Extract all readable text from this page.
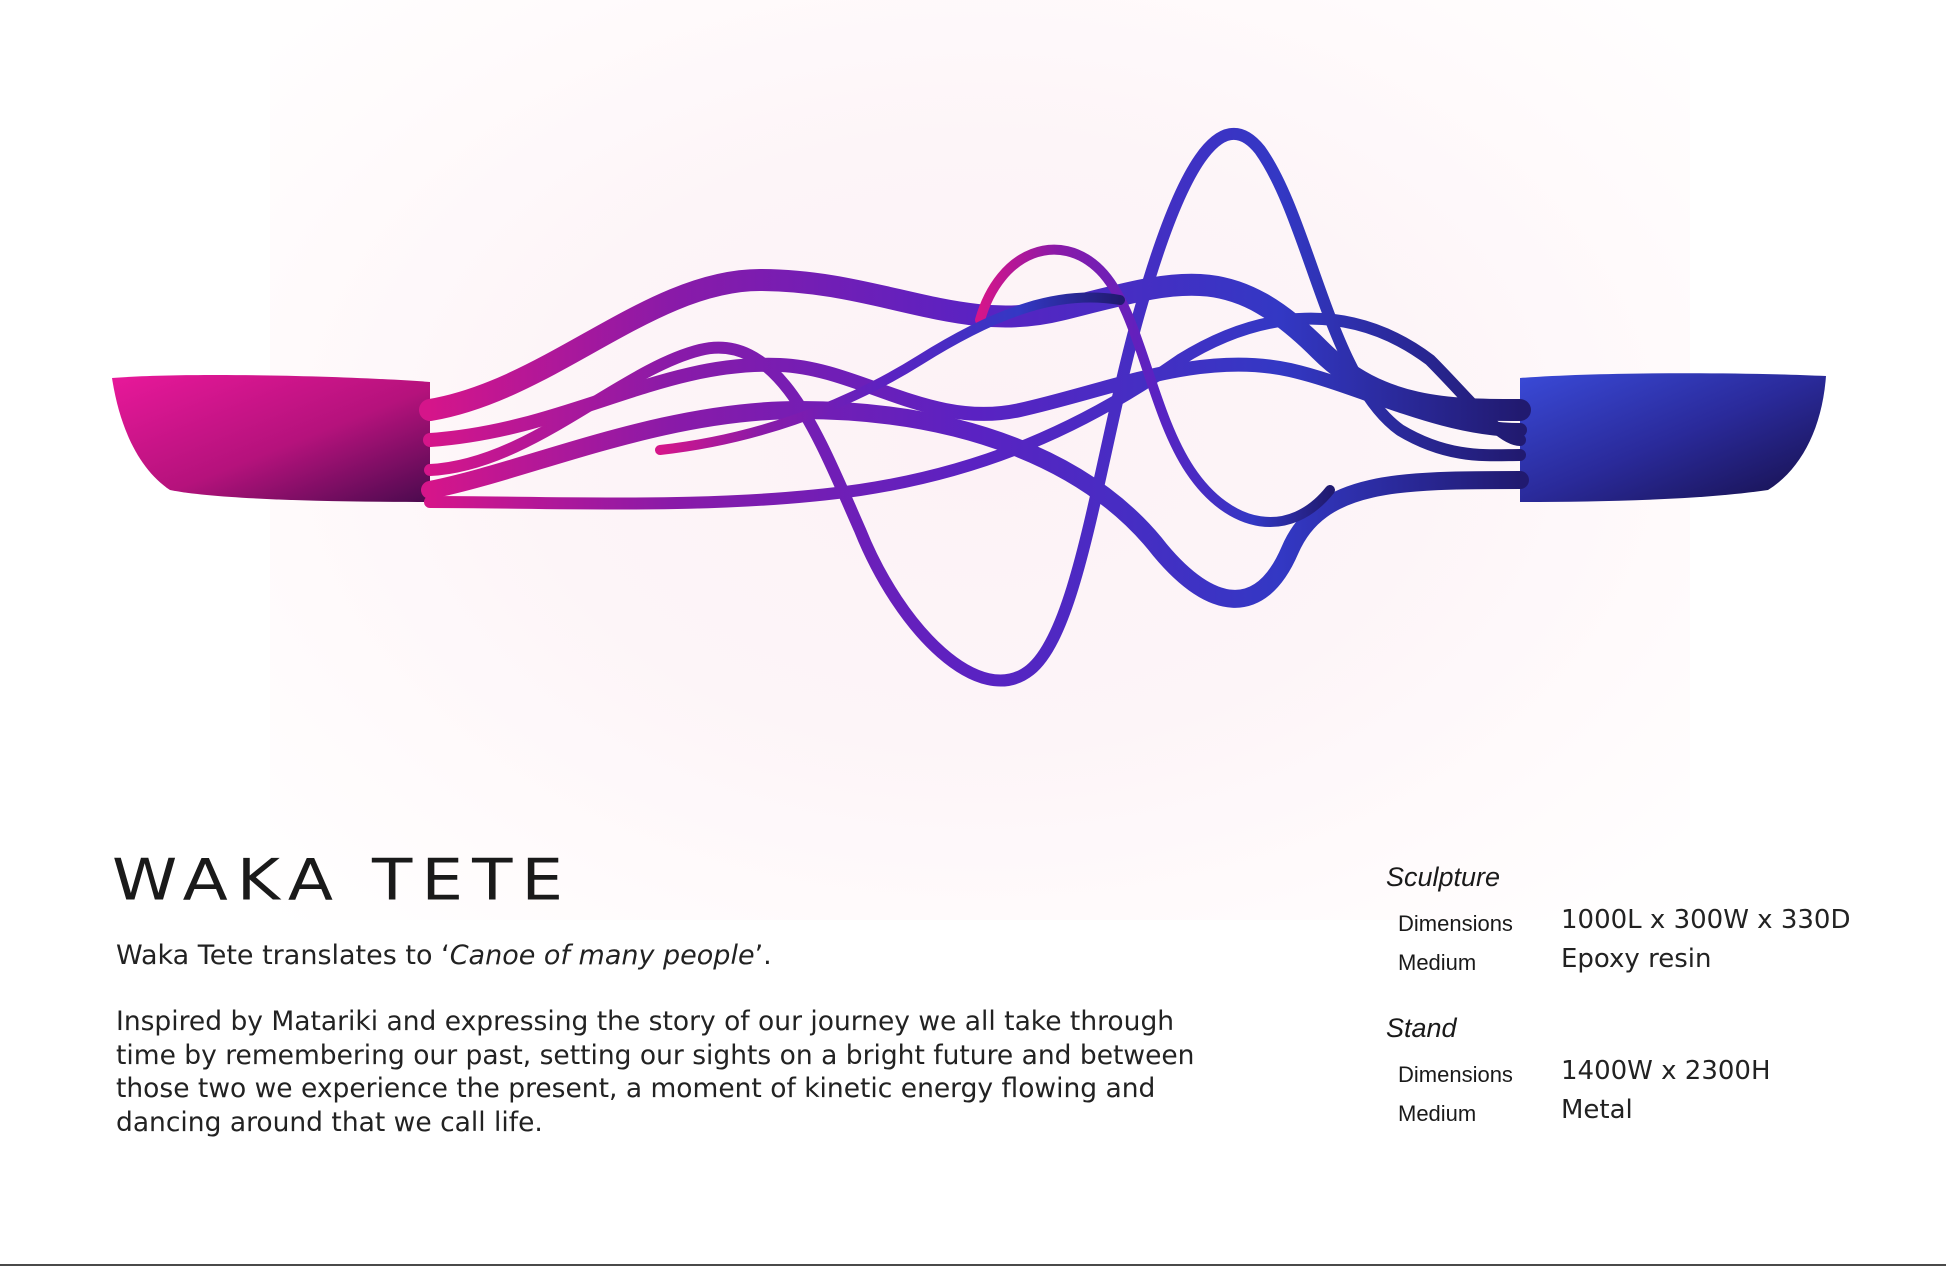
WAKA TETE

Waka Tete translates to ‘Canoe of many people’.

Inspired by Matariki and expressing the story of our journey we all take through time by remembering our past, setting our sights on a bright future and between those two we experience the present, a moment of kinetic energy flowing and dancing around that we call life.

Sculpture

Dimensions 1000L x 300W x 330D
Medium	Epoxy resin

Stand

Dimensions 1400W x 2300H
Medium	Metal
